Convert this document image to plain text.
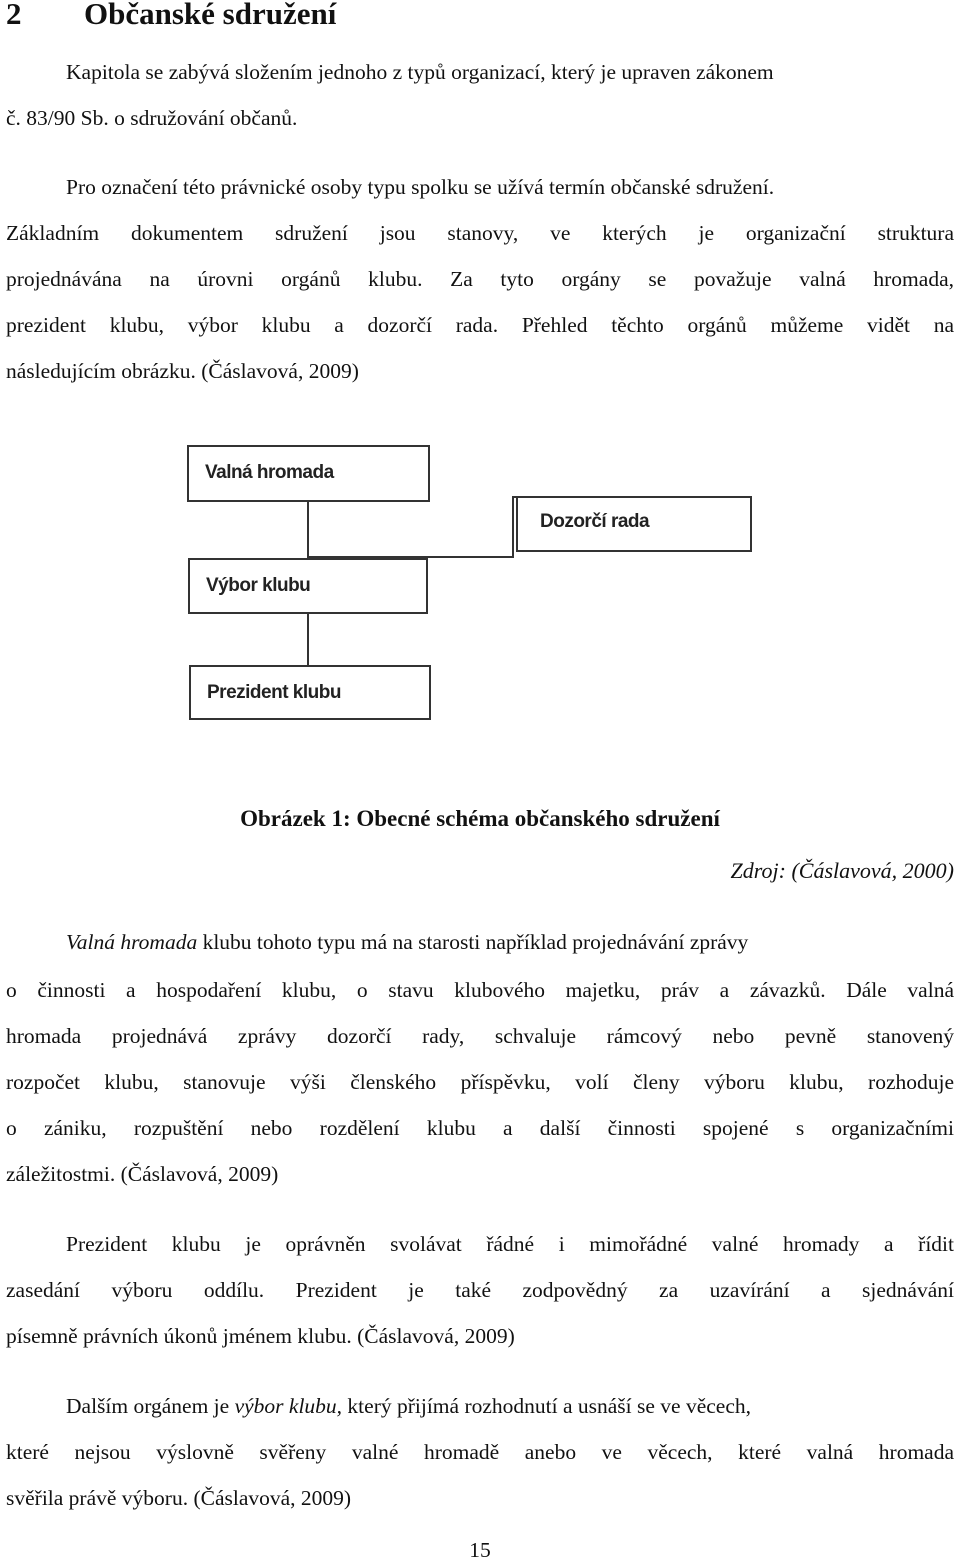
2 Občanské sdružení
Kapitola se zabývá složením jednoho z typů organizací, který je upraven zákonem
č. 83/90 Sb. o sdružování občanů.
Pro označení této právnické osoby typu spolku se užívá termín občanské sdružení.
Základním dokumentem sdružení jsou stanovy, ve kterých je organizační struktura
projednávána na úrovni orgánů klubu. Za tyto orgány se považuje valná hromada,
prezident klubu, výbor klubu a dozorčí rada. Přehled těchto orgánů můžeme vidět na
následujícím obrázku. (Čáslavová, 2009)
Valná hromada
Dozorčí rada
Výbor klubu
Prezident klubu
Obrázek 1: Obecné schéma občanského sdružení
Zdroj: (Čáslavová, 2000)
Valná hromada klubu tohoto typu má na starosti například projednávání zprávy
o činnosti a hospodaření klubu, o stavu klubového majetku, práv a závazků. Dále valná
hromada projednává zprávy dozorčí rady, schvaluje rámcový nebo pevně stanovený
rozpočet klubu, stanovuje výši členského příspěvku, volí členy výboru klubu, rozhoduje
o zániku, rozpuštění nebo rozdělení klubu a další činnosti spojené s organizačními
záležitostmi. (Čáslavová, 2009)
Prezident klubu je oprávněn svolávat řádné i mimořádné valné hromady a řídit
zasedání výboru oddílu. Prezident je také zodpovědný za uzavírání a sjednávání
písemně právních úkonů jménem klubu. (Čáslavová, 2009)
Dalším orgánem je výbor klubu, který přijímá rozhodnutí a usnáší se ve věcech,
které nejsou výslovně svěřeny valné hromadě anebo ve věcech, které valná hromada
svěřila právě výboru. (Čáslavová, 2009)
15
